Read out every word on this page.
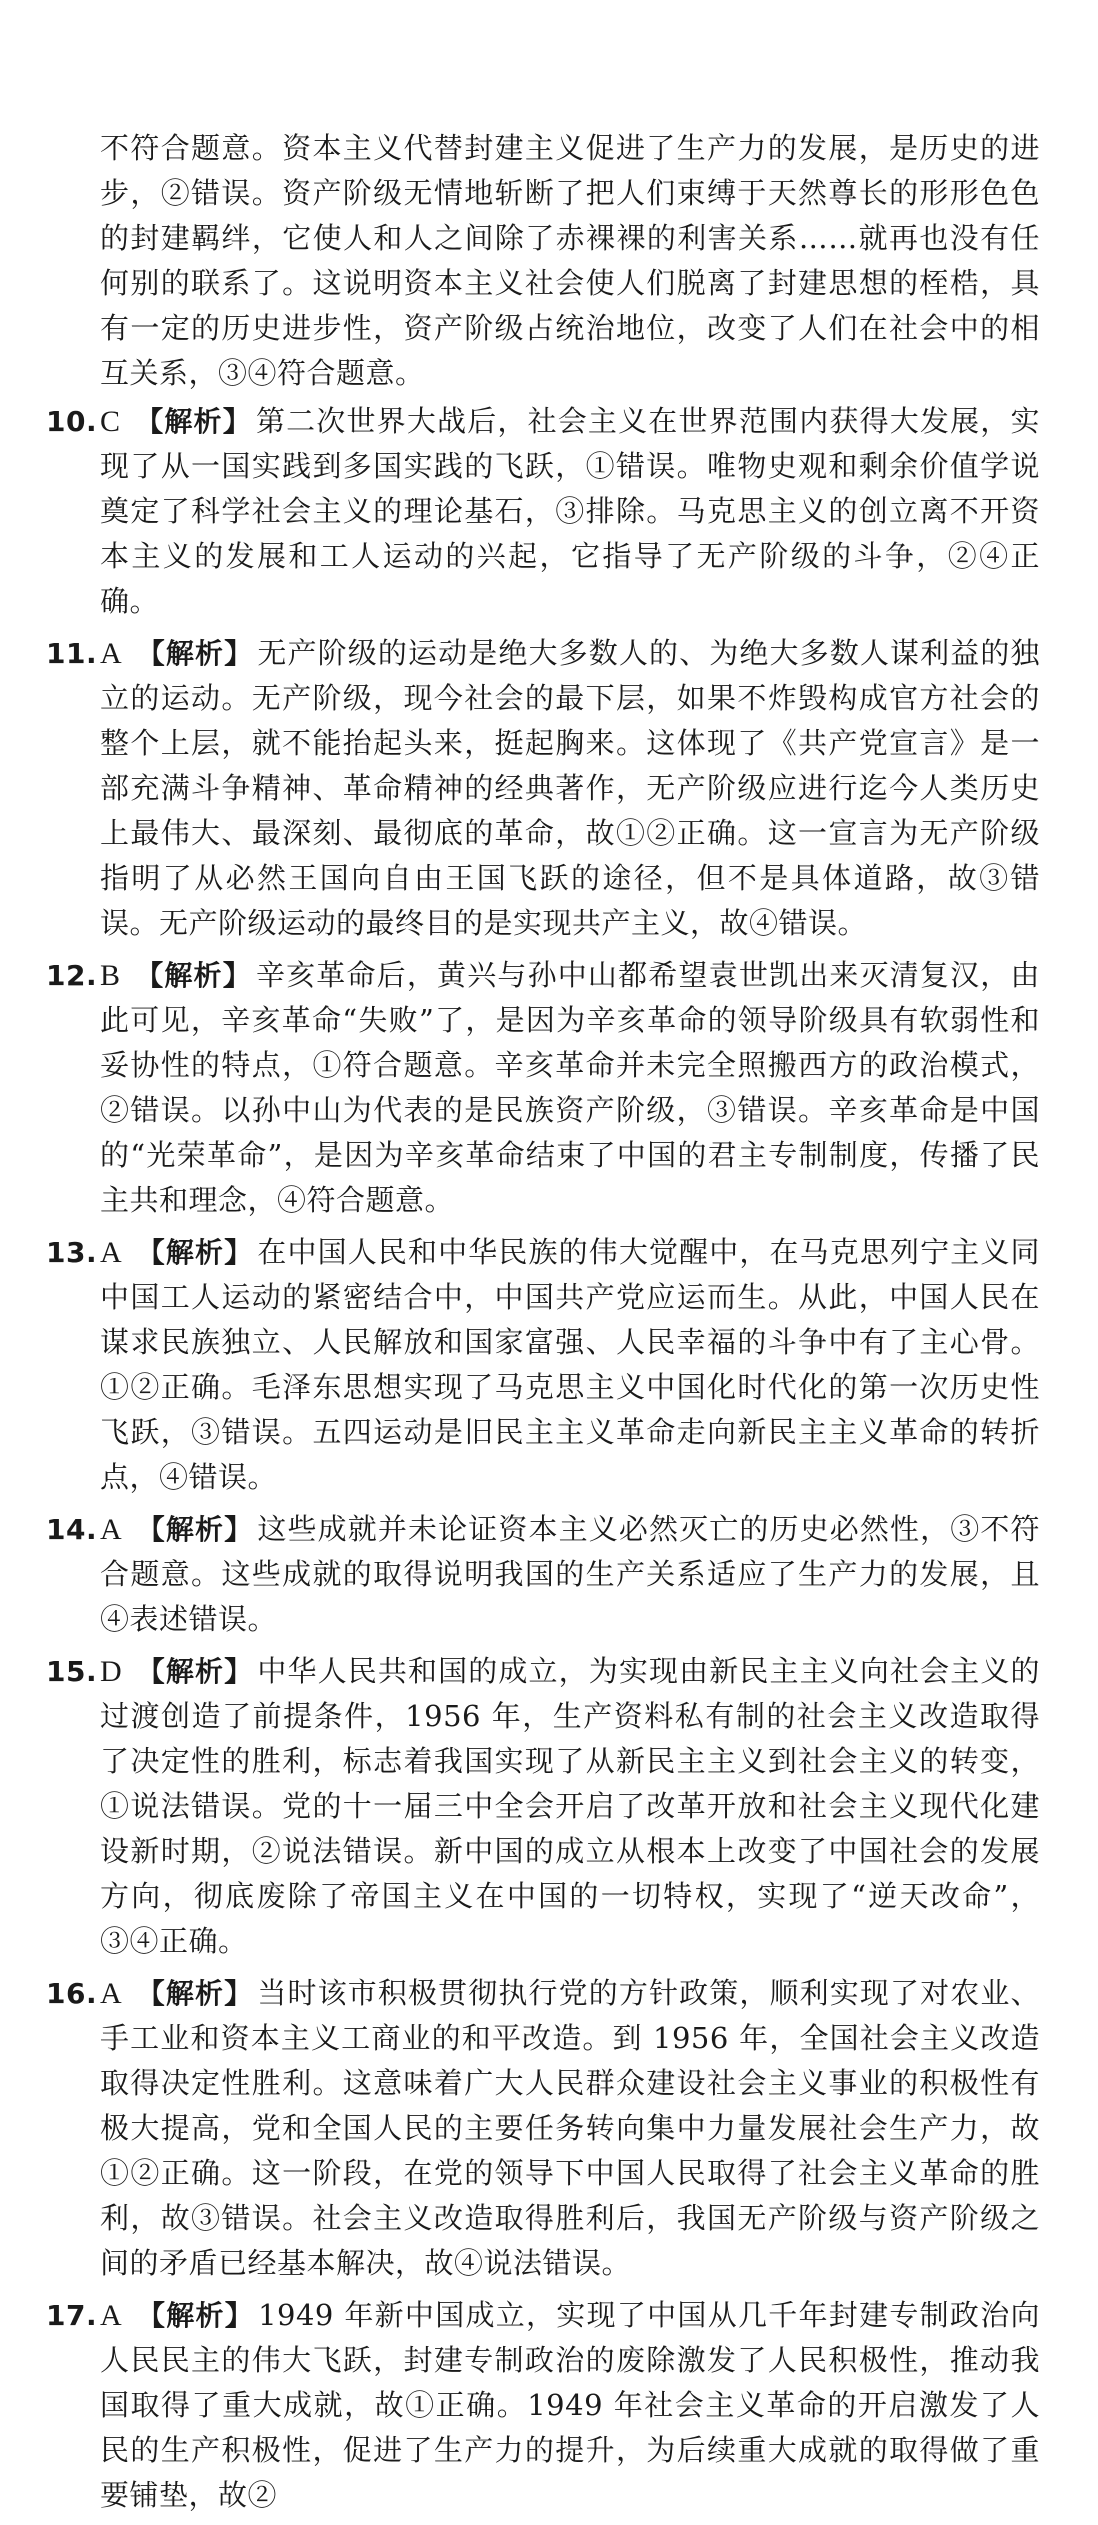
不符合题意。资本主义代替封建主义促进了生产力的发展，是历史的进步，②错误。资产阶级无情地斩断了把人们束缚于天然尊长的形形色色的封建羁绊，它使人和人之间除了赤裸裸的利害关系……就再也没有任何别的联系了。这说明资本主义社会使人们脱离了封建思想的桎梏，具有一定的历史进步性，资产阶级占统治地位，改变了人们在社会中的相互关系，③④符合题意。

10. C 【解析】 第二次世界大战后，社会主义在世界范围内获得大发展，实现了从一国实践到多国实践的飞跃，①错误。唯物史观和剩余价值学说奠定了科学社会主义的理论基石，③排除。马克思主义的创立离不开资本主义的发展和工人运动的兴起，它指导了无产阶级的斗争，②④正确。
11. A 【解析】 无产阶级的运动是绝大多数人的、为绝大多数人谋利益的独立的运动。无产阶级，现今社会的最下层，如果不炸毁构成官方社会的整个上层，就不能抬起头来，挺起胸来。这体现了《共产党宣言》是一部充满斗争精神、革命精神的经典著作，无产阶级应进行迄今人类历史上最伟大、最深刻、最彻底的革命，故①②正确。这一宣言为无产阶级指明了从必然王国向自由王国飞跃的途径，但不是具体道路，故③错误。无产阶级运动的最终目的是实现共产主义，故④错误。
12. B 【解析】 辛亥革命后，黄兴与孙中山都希望袁世凯出来灭清复汉，由此可见，辛亥革命“失败”了，是因为辛亥革命的领导阶级具有软弱性和妥协性的特点，①符合题意。辛亥革命并未完全照搬西方的政治模式，②错误。以孙中山为代表的是民族资产阶级，③错误。辛亥革命是中国的“光荣革命”，是因为辛亥革命结束了中国的君主专制制度，传播了民主共和理念，④符合题意。
13. A 【解析】 在中国人民和中华民族的伟大觉醒中，在马克思列宁主义同中国工人运动的紧密结合中，中国共产党应运而生。从此，中国人民在谋求民族独立、人民解放和国家富强、人民幸福的斗争中有了主心骨。①②正确。毛泽东思想实现了马克思主义中国化时代化的第一次历史性飞跃，③错误。五四运动是旧民主主义革命走向新民主主义革命的转折点，④错误。
14. A 【解析】 这些成就并未论证资本主义必然灭亡的历史必然性，③不符合题意。这些成就的取得说明我国的生产关系适应了生产力的发展，且④表述错误。
15. D 【解析】 中华人民共和国的成立，为实现由新民主主义向社会主义的过渡创造了前提条件，1956 年，生产资料私有制的社会主义改造取得了决定性的胜利，标志着我国实现了从新民主主义到社会主义的转变，①说法错误。党的十一届三中全会开启了改革开放和社会主义现代化建设新时期，②说法错误。新中国的成立从根本上改变了中国社会的发展方向，彻底废除了帝国主义在中国的一切特权，实现了“逆天改命”，③④正确。
16. A 【解析】 当时该市积极贯彻执行党的方针政策，顺利实现了对农业、手工业和资本主义工商业的和平改造。到 1956 年，全国社会主义改造取得决定性胜利。这意味着广大人民群众建设社会主义事业的积极性有极大提高，党和全国人民的主要任务转向集中力量发展社会生产力，故①②正确。这一阶段，在党的领导下中国人民取得了社会主义革命的胜利，故③错误。社会主义改造取得胜利后，我国无产阶级与资产阶级之间的矛盾已经基本解决，故④说法错误。
17. A 【解析】 1949 年新中国成立，实现了中国从几千年封建专制政治向人民民主的伟大飞跃，封建专制政治的废除激发了人民积极性，推动我国取得了重大成就，故①正确。1949 年社会主义革命的开启激发了人民的生产积极性，促进了生产力的提升，为后续重大成就的取得做了重要铺垫，故②
